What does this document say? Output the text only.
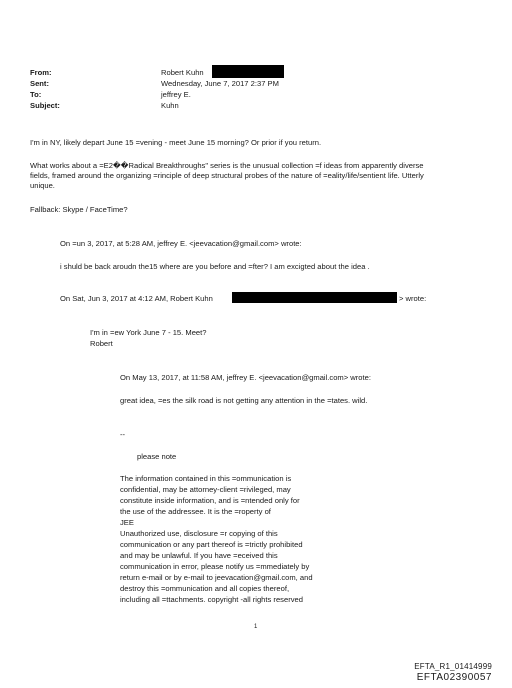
From:
Sent:
To:
Subject:
Robert Kuhn
Wednesday, June 7, 2017 2:37 PM
jeffrey E.
Kuhn
I'm in NY, likely depart June 15 =vening - meet June 15 morning? Or prior if you return.
What works about a =E2��Radical Breakthroughs" series is the unusual collection =f ideas from apparently diverse
fields, framed around the organizing =rinciple of deep structural probes of the nature of =eality/life/sentient life. Utterly
unique.
Fallback: Skype / FaceTime?
On =un 3, 2017, at 5:28 AM, jeffrey E. <jeevacation@gmail.com> wrote:
i shuld be back aroudn the15 where are you before and =fter? I am excigted about the idea .
On Sat, Jun 3, 2017 at 4:12 AM, Robert Kuhn	> wrote:
I'm in =ew York June 7 - 15. Meet?
Robert
On May 13, 2017, at 11:58 AM, jeffrey E. <jeevacation@gmail.com> wrote:
great idea, =es the silk road is not getting any attention in the =tates. wild.
--
please note
The information contained in this =ommunication is
confidential, may be attorney-client =rivileged, may
constitute inside information, and is =ntended only for
the use of the addressee. It is the =roperty of
JEE
Unauthorized use, disclosure =r copying of this
communication or any part thereof is =trictly prohibited
and may be unlawful. If you have =eceived this
communication in error, please notify us =mmediately by
return e-mail or by e-mail to jeevacation@gmail.com, and
destroy this =ommunication and all copies thereof,
including all =ttachments. copyright -all rights reserved
1
EFTA_R1_01414999
EFTA02390057
